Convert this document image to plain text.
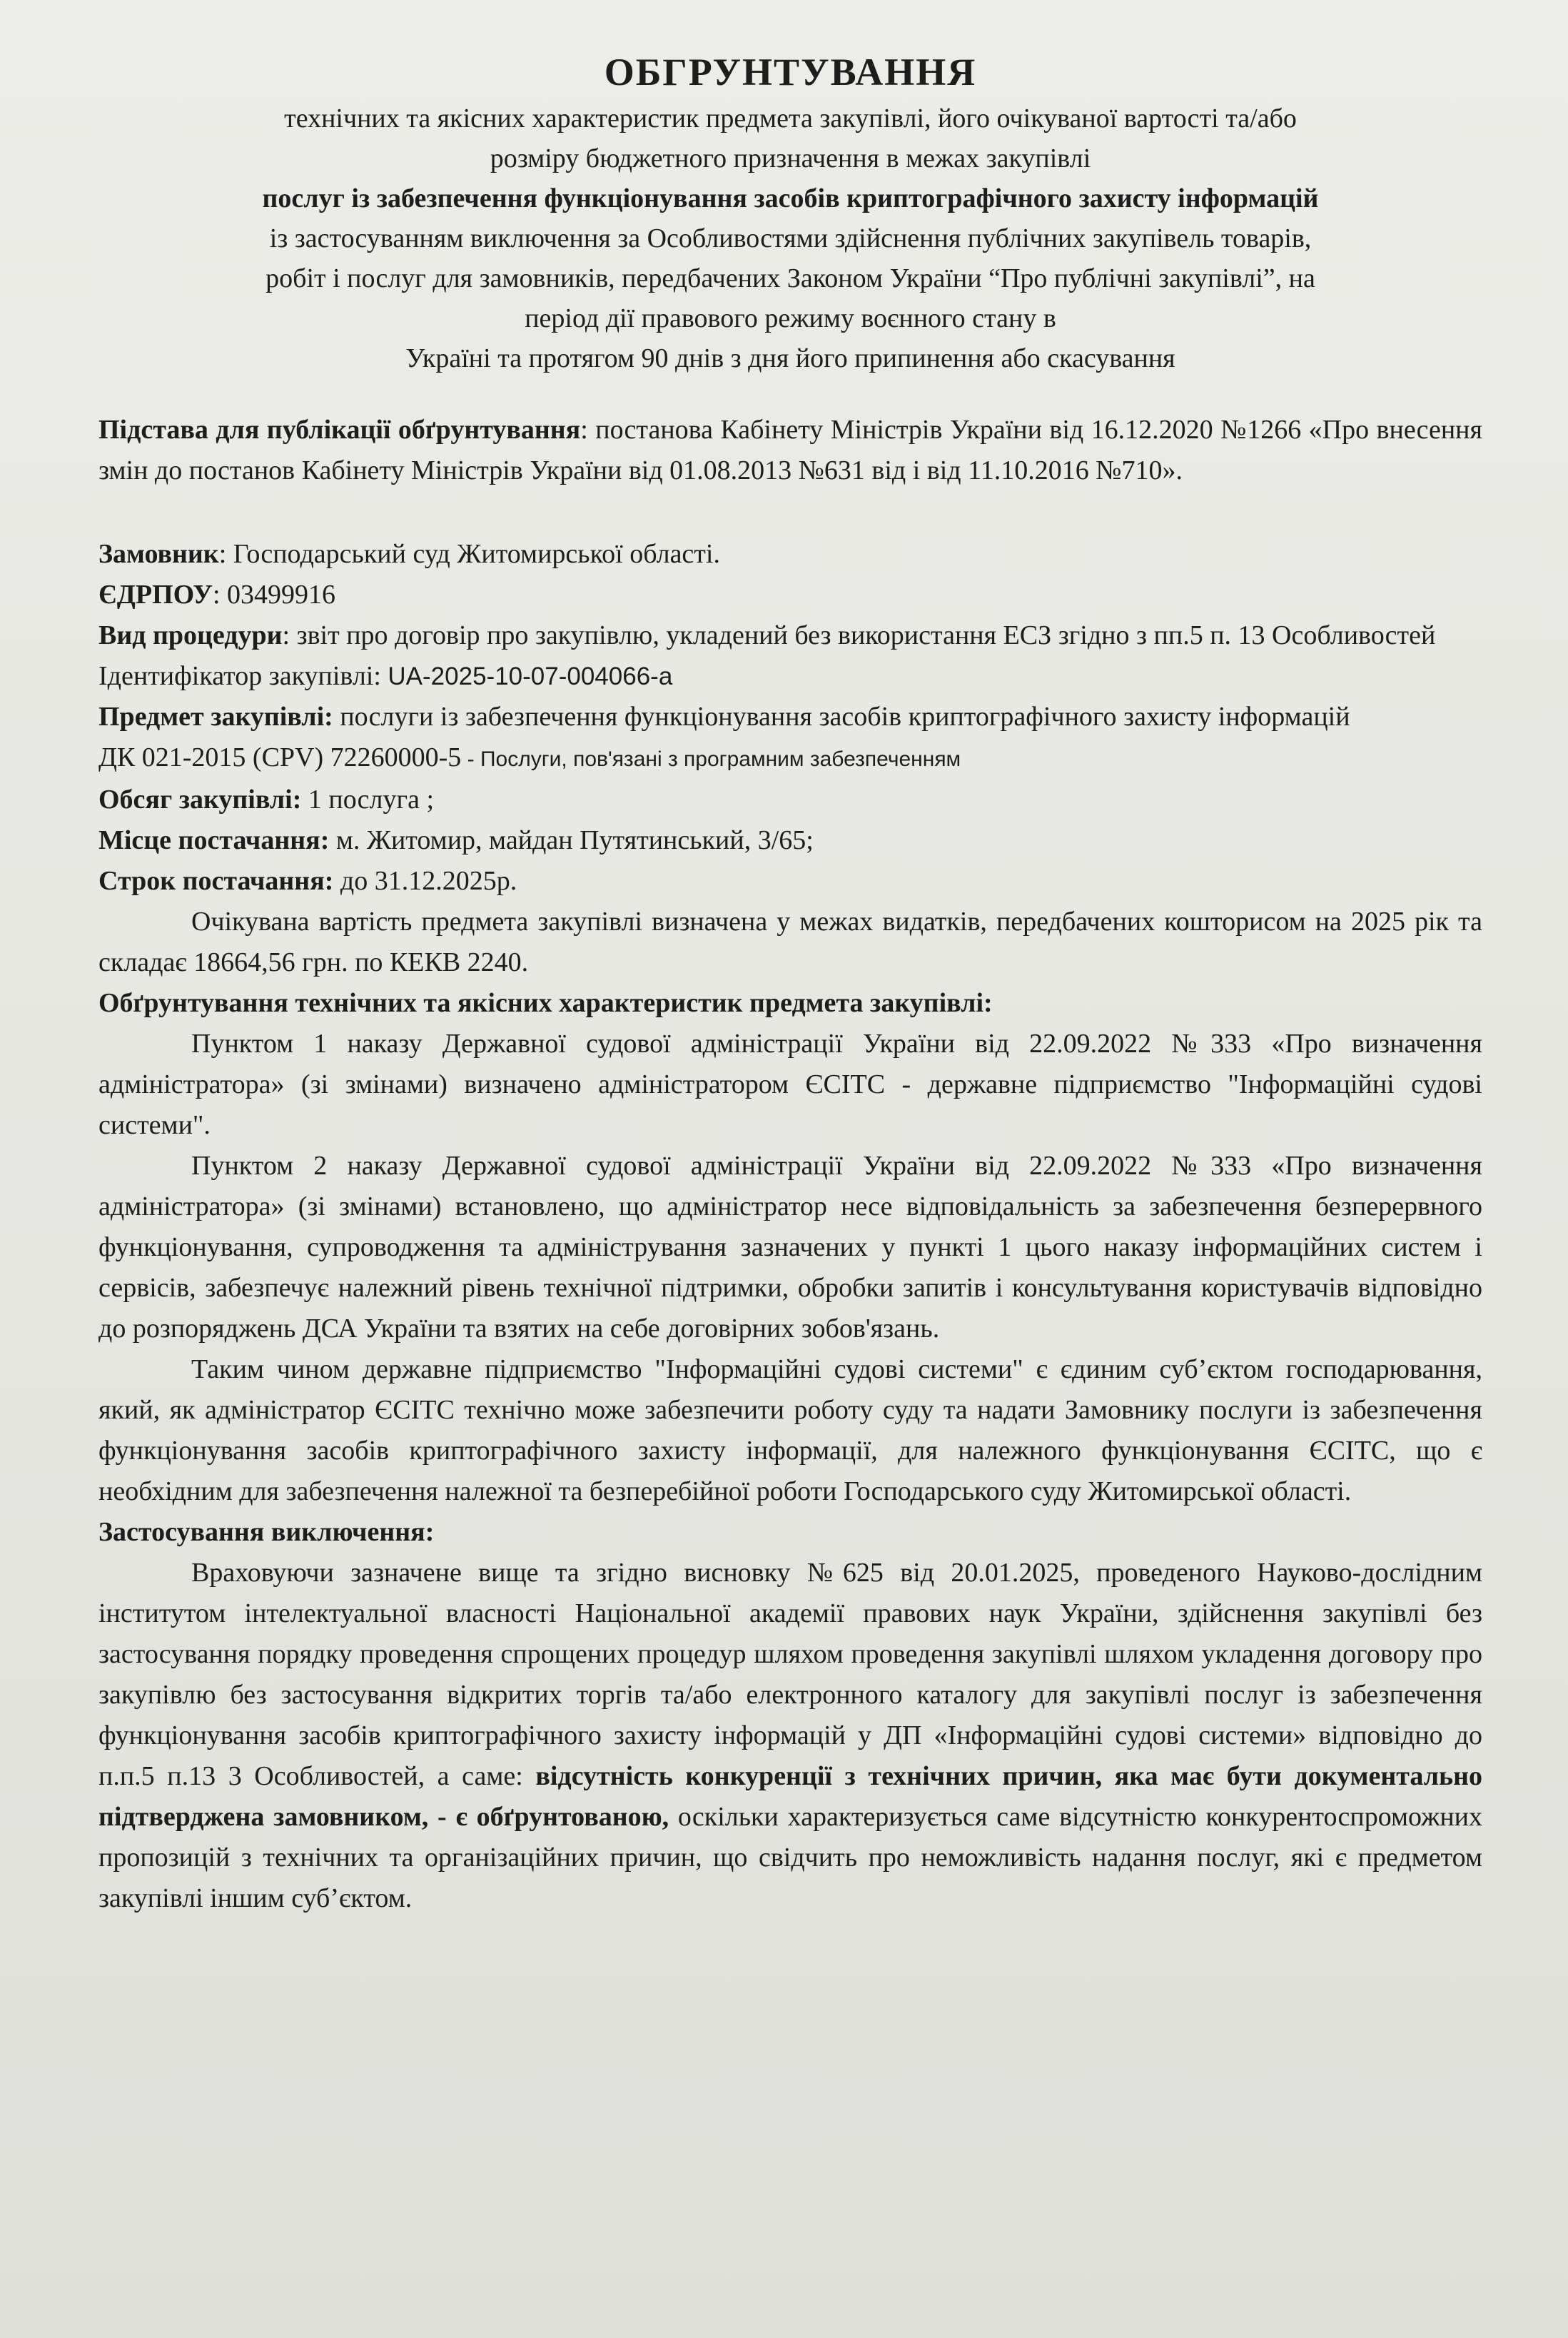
ОБГРУНТУВАННЯ

технічних та якісних характеристик предмета закупівлі, його очікуваної вартості та/або

розміру бюджетного призначення в межах закупівлі

послуг із забезпечення функціонування засобів криптографічного захисту інформацій

із застосуванням виключення за Особливостями здійснення публічних закупівель товарів,

робіт і послуг для замовників, передбачених Законом України “Про публічні закупівлі”, на

період дії правового режиму воєнного стану в

Україні та протягом 90 днів з дня його припинення або скасування

Підстава для публікації обґрунтування: постанова Кабінету Міністрів України від 16.12.2020 №1266 «Про внесення змін до постанов Кабінету Міністрів України від 01.08.2013 №631 від і від 11.10.2016 №710».

Замовник: Господарський суд Житомирської області.

ЄДРПОУ: 03499916

Вид процедури: звіт про договір про закупівлю, укладений без використання ЕСЗ згідно з пп.5 п. 13 Особливостей

Ідентифікатор закупівлі: UA-2025-10-07-004066-a

Предмет закупівлі: послуги із забезпечення функціонування засобів криптографічного захисту інформацій

ДК 021-2015 (CPV) 72260000-5 - Послуги, пов'язані з програмним забезпеченням

Обсяг закупівлі: 1 послуга ;

Місце постачання: м. Житомир, майдан Путятинський, 3/65;

Строк постачання: до 31.12.2025р.

Очікувана вартість предмета закупівлі визначена у межах видатків, передбачених кошторисом на 2025 рік та складає 18664,56 грн. по КЕКВ 2240.

Обґрунтування технічних та якісних характеристик предмета закупівлі:

Пунктом 1 наказу Державної судової адміністрації України від 22.09.2022 №333 «Про визначення адміністратора» (зі змінами) визначено адміністратором ЄСІТС - державне підприємство "Інформаційні судові системи".

Пунктом 2 наказу Державної судової адміністрації України від 22.09.2022 №333 «Про визначення адміністратора» (зі змінами) встановлено, що адміністратор несе відповідальність за забезпечення безперервного функціонування, супроводження та адміністрування зазначених у пункті 1 цього наказу інформаційних систем і сервісів, забезпечує належний рівень технічної підтримки, обробки запитів і консультування користувачів відповідно до розпоряджень ДСА України та взятих на себе договірних зобов'язань.

Таким чином державне підприємство "Інформаційні судові системи" є єдиним суб’єктом господарювання, який, як адміністратор ЄСІТС технічно може забезпечити роботу суду та надати Замовнику послуги із забезпечення функціонування засобів криптографічного захисту інформації, для належного функціонування ЄСІТС, що є необхідним для забезпечення належної та безперебійної роботи Господарського суду Житомирської області.

Застосування виключення:

Враховуючи зазначене вище та згідно висновку №625 від 20.01.2025, проведеного Науково-дослідним інститутом інтелектуальної власності Національної академії правових наук України, здійснення закупівлі без застосування порядку проведення спрощених процедур шляхом проведення закупівлі шляхом укладення договору про закупівлю без застосування відкритих торгів та/або електронного каталогу для закупівлі послуг із забезпечення функціонування засобів криптографічного захисту інформацій у ДП «Інформаційні судові системи» відповідно до п.п.5 п.13 3 Особливостей, а саме: відсутність конкуренції з технічних причин, яка має бути документально підтверджена замовником, - є обґрунтованою, оскільки характеризується саме відсутністю конкурентоспроможних пропозицій з технічних та організаційних причин, що свідчить про неможливість надання послуг, які є предметом закупівлі іншим суб’єктом.
